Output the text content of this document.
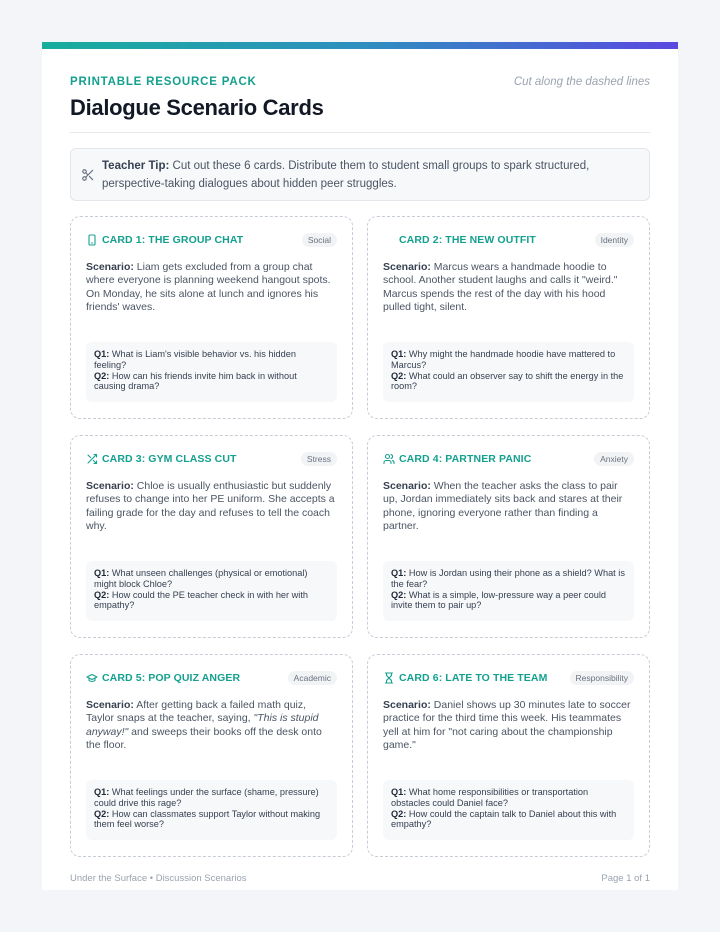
PRINTABLE RESOURCE PACK	Cut along the dashed lines
Dialogue Scenario Cards
Teacher Tip: Cut out these 6 cards. Distribute them to student small groups to spark structured, perspective-taking dialogues about hidden peer struggles.
CARD 1: THE GROUP CHAT	Social
Scenario: Liam gets excluded from a group chat where everyone is planning weekend hangout spots. On Monday, he sits alone at lunch and ignores his friends' waves.
Q1: What is Liam's visible behavior vs. his hidden feeling?
Q2: How can his friends invite him back in without causing drama?
CARD 2: THE NEW OUTFIT	Identity
Scenario: Marcus wears a handmade hoodie to school. Another student laughs and calls it "weird." Marcus spends the rest of the day with his hood pulled tight, silent.
Q1: Why might the handmade hoodie have mattered to Marcus?
Q2: What could an observer say to shift the energy in the room?
CARD 3: GYM CLASS CUT	Stress
Scenario: Chloe is usually enthusiastic but suddenly refuses to change into her PE uniform. She accepts a failing grade for the day and refuses to tell the coach why.
Q1: What unseen challenges (physical or emotional) might block Chloe?
Q2: How could the PE teacher check in with her with empathy?
CARD 4: PARTNER PANIC	Anxiety
Scenario: When the teacher asks the class to pair up, Jordan immediately sits back and stares at their phone, ignoring everyone rather than finding a partner.
Q1: How is Jordan using their phone as a shield? What is the fear?
Q2: What is a simple, low-pressure way a peer could invite them to pair up?
CARD 5: POP QUIZ ANGER	Academic
Scenario: After getting back a failed math quiz, Taylor snaps at the teacher, saying, "This is stupid anyway!" and sweeps their books off the desk onto the floor.
Q1: What feelings under the surface (shame, pressure) could drive this rage?
Q2: How can classmates support Taylor without making them feel worse?
CARD 6: LATE TO THE TEAM	Responsibility
Scenario: Daniel shows up 30 minutes late to soccer practice for the third time this week. His teammates yell at him for "not caring about the championship game."
Q1: What home responsibilities or transportation obstacles could Daniel face?
Q2: How could the captain talk to Daniel about this with empathy?
Under the Surface • Discussion Scenarios	Page 1 of 1
